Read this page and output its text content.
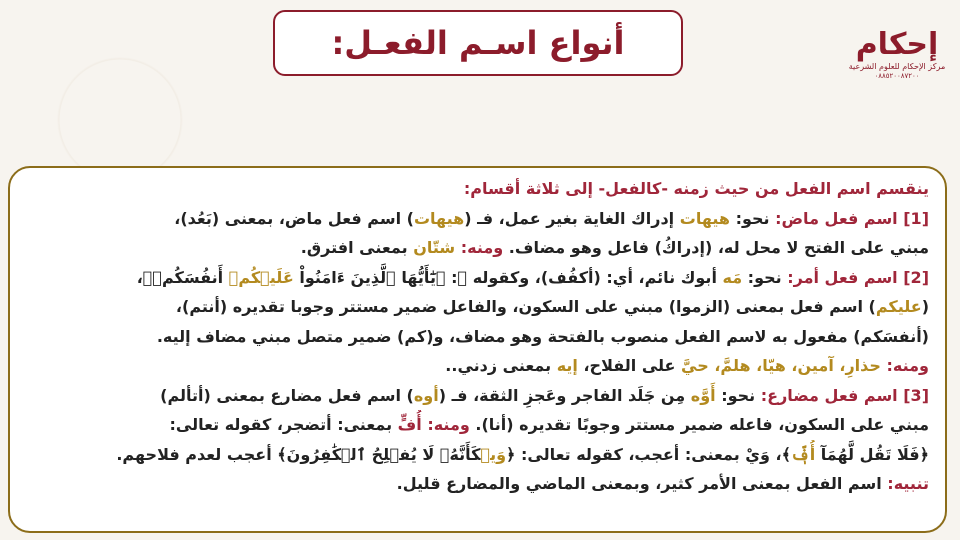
أنواع اسـم الفعـل:	إحكام
مركز الإحكام للعلوم الشرعية
٠٨٨٥٢٠٠٨٧٢٠٠
ينقسم اسم الفعل من حيث زمنه -كالفعل- إلى ثلاثة أقسام:
[1] اسم فعل ماض: نحو: هيهات إدراك الغاية بغير عمل، فـ (هيهات) اسم فعل ماض، بمعنى (بَعُد)،
مبني على الفتح لا محل له، (إدراكُ) فاعل وهو مضاف. ومنه: شتّان بمعنى افترق.
[2] اسم فعل أمر: نحو: مَه أبوك نائم، أي: (أكفُف)، وكقوله ﷻ: ﴿يَٰٓأَيُّهَا ٱلَّذِينَ ءَامَنُواْ عَلَيۡكُمۡ أَنفُسَكُمۡ﴾،
(عليكم) اسم فعل بمعنى (الزموا) مبني على السكون، والفاعل ضمير مستتر وجوبا تقديره (أنتم)،
(أنفسَكم) مفعول به لاسم الفعل منصوب بالفتحة وهو مضاف، و(كم) ضمير متصل مبني مضاف إليه.
ومنه: حذارِ، آمين، هيّا، هلمَّ، حيَّ على الفلاح، إيه بمعنى زدني..
[3] اسم فعل مضارع: نحو: أَوَّه مِن جَلَد الفاجر وعَجزِ الثقة، فـ (أوه) اسم فعل مضارع بمعنى (أتألم)
مبني على السكون، فاعله ضمير مستتر وجوبًا تقديره (أنا). ومنه: أُفٍّ بمعنى: أتضجر، كقوله تعالى:
﴿فَلَا تَقُل لَّهُمَآ أُفّٖ﴾، وَيْ بمعنى: أعجب، كقوله تعالى: ﴿وَيۡكَأَنَّهُۥ لَا يُفۡلِحُ ٱلۡكَٰفِرُونَ﴾ أعجب لعدم فلاحهم.
تنبيه: اسم الفعل بمعنى الأمر كثير، وبمعنى الماضي والمضارع قليل.
